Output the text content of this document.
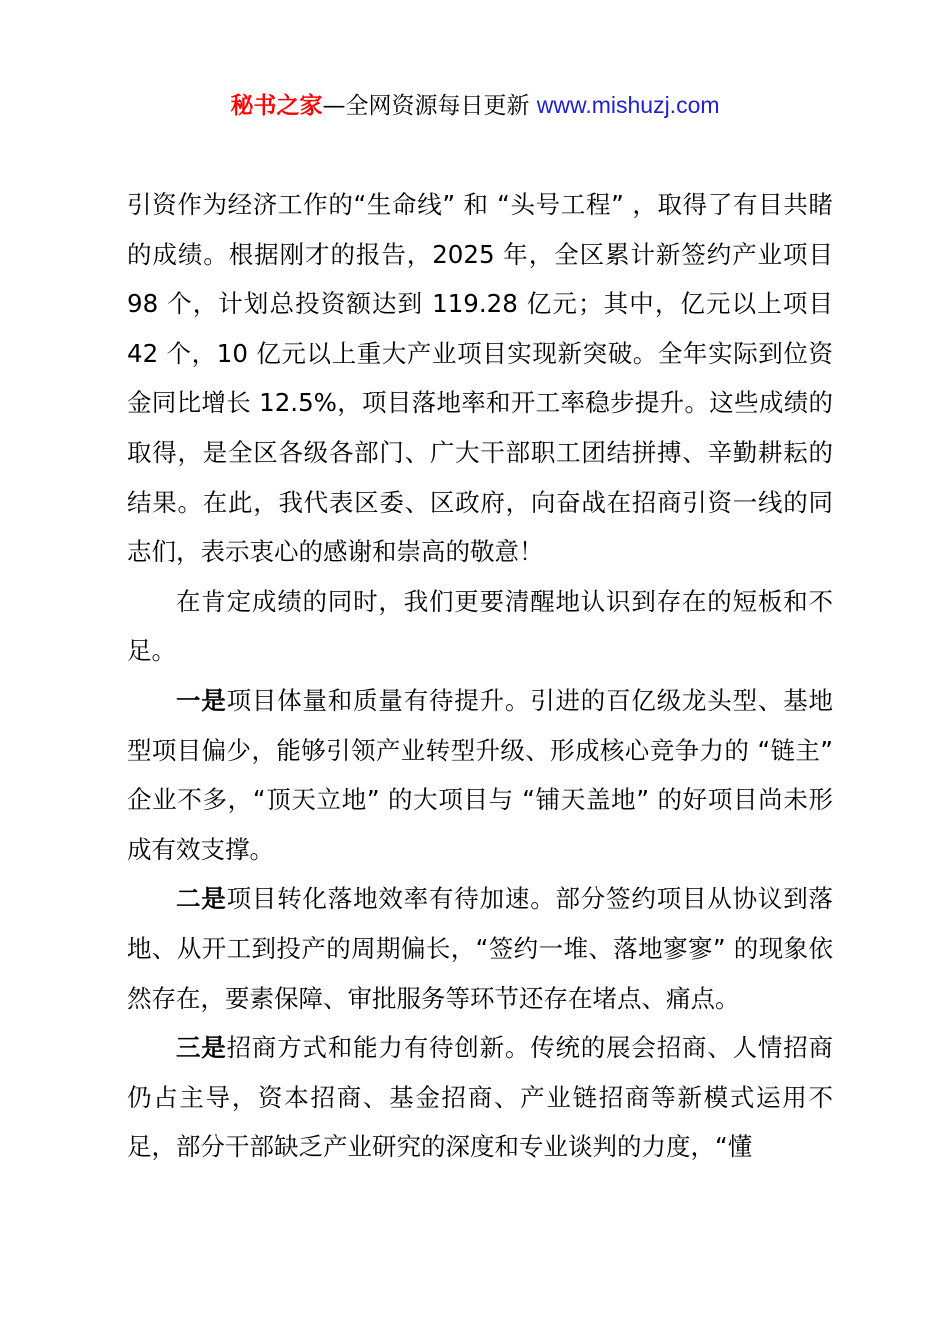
秘书之家—全网资源每日更新 www.mishuzj.com

引资作为经济工作的“生命线” 和 “头号工程” ，取得了有目共睹的成绩。根据刚才的报告，2025 年，全区累计新签约产业项目 98 个，计划总投资额达到 119.28 亿元；其中，亿元以上项目 42 个，10 亿元以上重大产业项目实现新突破。全年实际到位资金同比增长 12.5%，项目落地率和开工率稳步提升。这些成绩的取得，是全区各级各部门、广大干部职工团结拼搏、辛勤耕耘的结果。在此，我代表区委、区政府，向奋战在招商引资一线的同志们，表示衷心的感谢和崇高的敬意！

在肯定成绩的同时，我们更要清醒地认识到存在的短板和不足。

一是项目体量和质量有待提升。引进的百亿级龙头型、基地型项目偏少，能够引领产业转型升级、形成核心竞争力的 “链主” 企业不多，“顶天立地” 的大项目与 “铺天盖地” 的好项目尚未形成有效支撑。

二是项目转化落地效率有待加速。部分签约项目从协议到落地、从开工到投产的周期偏长，“签约一堆、落地寥寥” 的现象依然存在，要素保障、审批服务等环节还存在堵点、痛点。

三是招商方式和能力有待创新。传统的展会招商、人情招商仍占主导，资本招商、基金招商、产业链招商等新模式运用不足，部分干部缺乏产业研究的深度和专业谈判的力度，“懂
